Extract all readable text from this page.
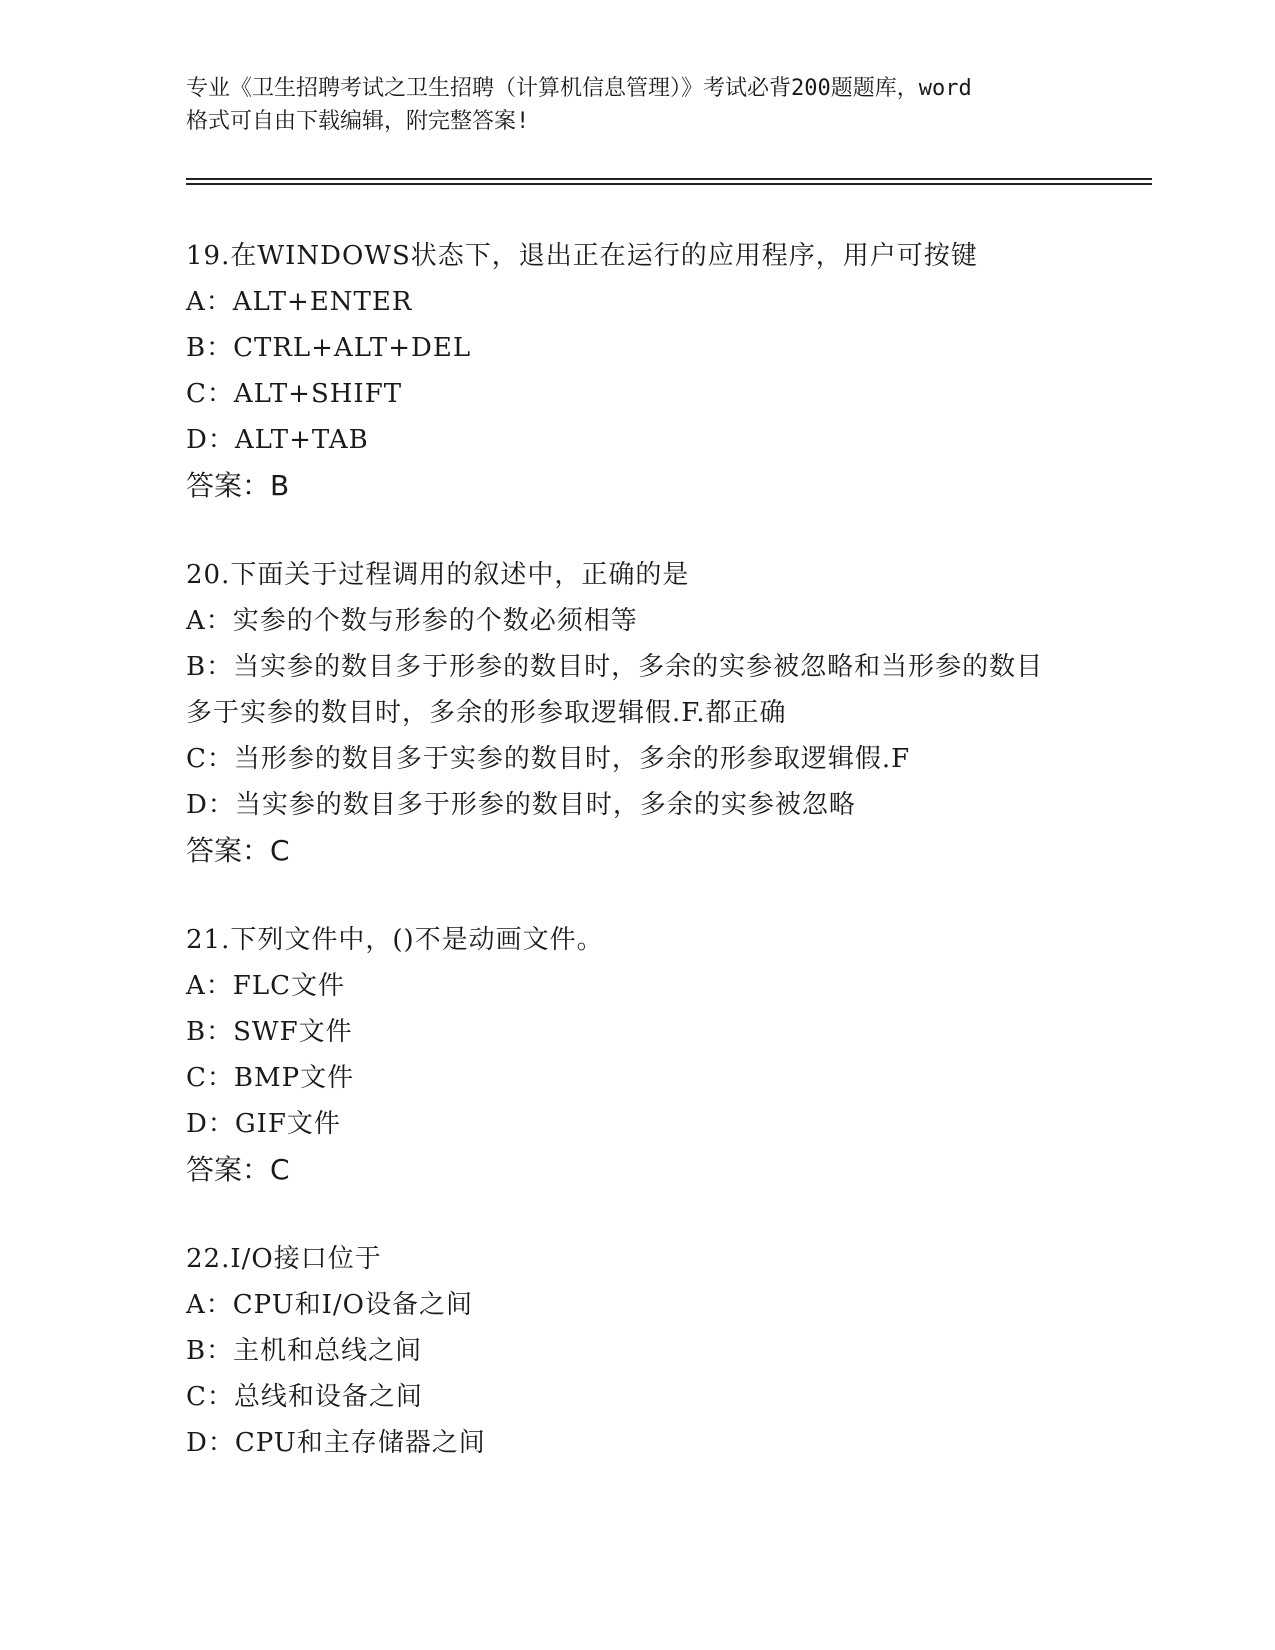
专业《卫生招聘考试之卫生招聘（计算机信息管理）》考试必背200题题库，word
格式可自由下载编辑，附完整答案!
19.在WINDOWS状态下，退出正在运行的应用程序，用户可按键
A：ALT+ENTER
B：CTRL+ALT+DEL
C：ALT+SHIFT
D：ALT+TAB
答案：B
20.下面关于过程调用的叙述中，正确的是
A：实参的个数与形参的个数必须相等
B：当实参的数目多于形参的数目时，多余的实参被忽略和当形参的数目多于实参的数目时，多余的形参取逻辑假.F.都正确
C：当形参的数目多于实参的数目时，多余的形参取逻辑假.F
D：当实参的数目多于形参的数目时，多余的实参被忽略
答案：C
21.下列文件中，()不是动画文件。
A：FLC文件
B：SWF文件
C：BMP文件
D：GIF文件
答案：C
22.I/O接口位于
A：CPU和I/O设备之间
B：主机和总线之间
C：总线和设备之间
D：CPU和主存储器之间
